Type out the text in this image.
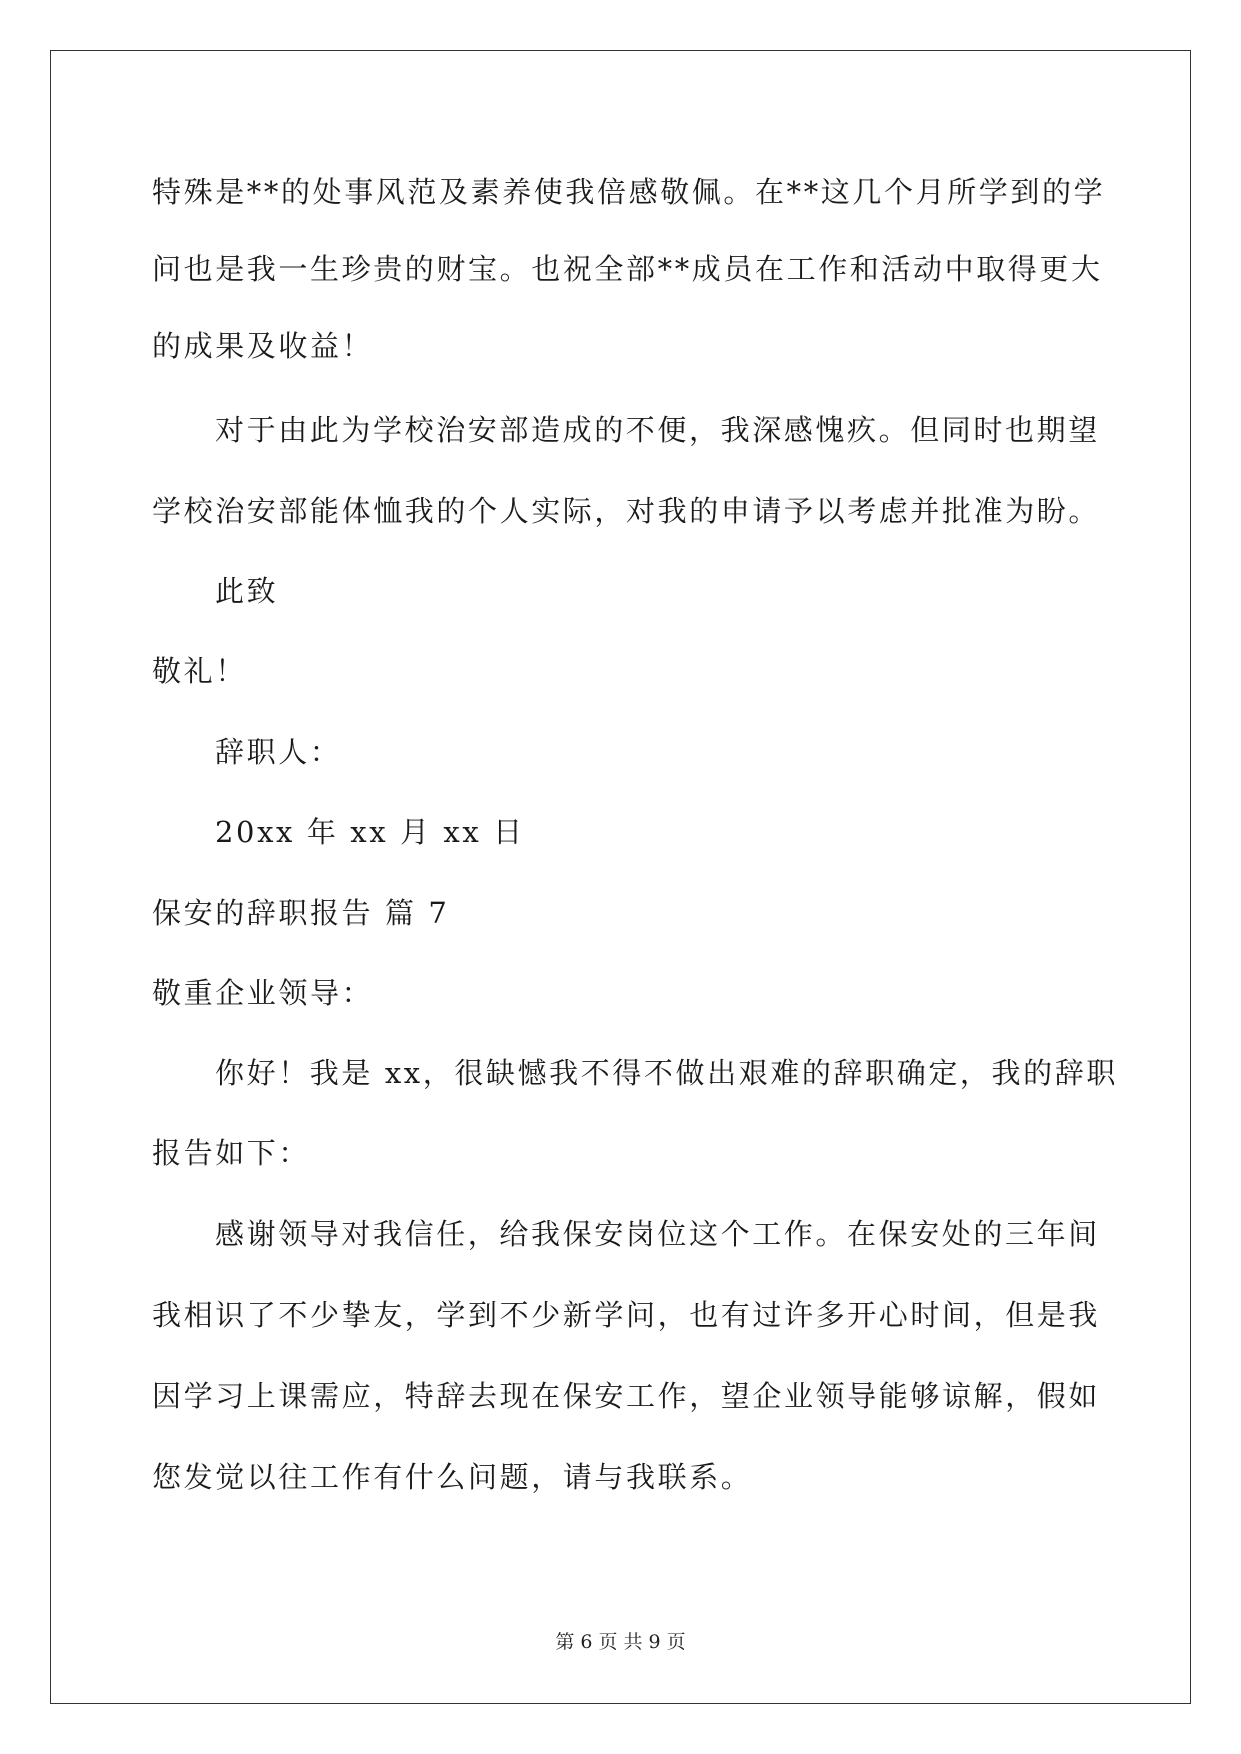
特殊是**的处事风范及素养使我倍感敬佩。在**这几个月所学到的学
问也是我一生珍贵的财宝。也祝全部**成员在工作和活动中取得更大
的成果及收益！
对于由此为学校治安部造成的不便，我深感愧疚。但同时也期望
学校治安部能体恤我的个人实际，对我的申请予以考虑并批准为盼。
此致
敬礼！
辞职人：
20xx 年 xx 月 xx 日
保安的辞职报告 篇 7
敬重企业领导：
你好！我是 xx，很缺憾我不得不做出艰难的辞职确定，我的辞职
报告如下：
感谢领导对我信任，给我保安岗位这个工作。在保安处的三年间
我相识了不少挚友，学到不少新学问，也有过许多开心时间，但是我
因学习上课需应，特辞去现在保安工作，望企业领导能够谅解，假如
您发觉以往工作有什么问题，请与我联系。
第 6 页 共 9 页
